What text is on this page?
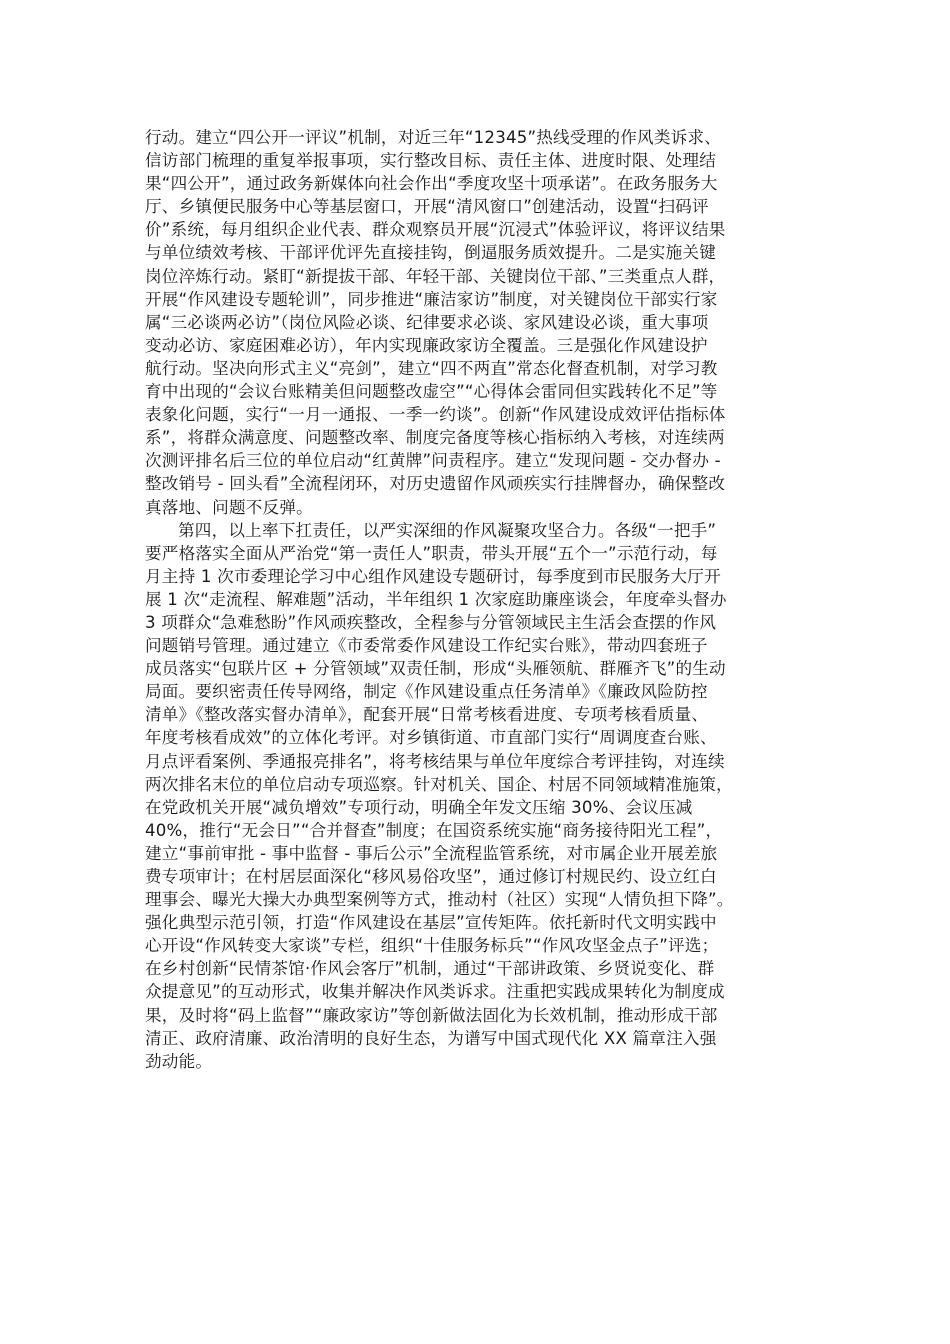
行动。建立“四公开一评议”机制，对近三年“12345”热线受理的作风类诉求、
信访部门梳理的重复举报事项，实行整改目标、责任主体、进度时限、处理结
果“四公开”，通过政务新媒体向社会作出“季度攻坚十项承诺”。在政务服务大
厅、乡镇便民服务中心等基层窗口，开展“清风窗口”创建活动，设置“扫码评
价”系统，每月组织企业代表、群众观察员开展“沉浸式”体验评议，将评议结果
与单位绩效考核、干部评优评先直接挂钩，倒逼服务质效提升。二是实施关键
岗位淬炼行动。紧盯“新提拔干部、年轻干部、关键岗位干部、”三类重点人群，
开展“作风建设专题轮训”，同步推进“廉洁家访”制度，对关键岗位干部实行家
属“三必谈两必访”（岗位风险必谈、纪律要求必谈、家风建设必谈，重大事项
变动必访、家庭困难必访），年内实现廉政家访全覆盖。三是强化作风建设护
航行动。坚决向形式主义“亮剑”，建立“四不两直”常态化督查机制，对学习教
育中出现的“会议台账精美但问题整改虚空”“心得体会雷同但实践转化不足”等
表象化问题，实行“一月一通报、一季一约谈”。创新“作风建设成效评估指标体
系”，将群众满意度、问题整改率、制度完备度等核心指标纳入考核，对连续两
次测评排名后三位的单位启动“红黄牌”问责程序。建立“发现问题 - 交办督办 -
整改销号 - 回头看”全流程闭环，对历史遗留作风顽疾实行挂牌督办，确保整改
真落地、问题不反弹。
第四，以上率下扛责任，以严实深细的作风凝聚攻坚合力。各级“一把手”
要严格落实全面从严治党“第一责任人”职责，带头开展“五个一”示范行动，每
月主持 1 次市委理论学习中心组作风建设专题研讨，每季度到市民服务大厅开
展 1 次“走流程、解难题”活动，半年组织 1 次家庭助廉座谈会，年度牵头督办
3 项群众“急难愁盼”作风顽疾整改，全程参与分管领域民主生活会查摆的作风
问题销号管理。通过建立《市委常委作风建设工作纪实台账》，带动四套班子
成员落实“包联片区 + 分管领域”双责任制，形成“头雁领航、群雁齐飞”的生动
局面。要织密责任传导网络，制定《作风建设重点任务清单》《廉政风险防控
清单》《整改落实督办清单》，配套开展“日常考核看进度、专项考核看质量、
年度考核看成效”的立体化考评。对乡镇街道、市直部门实行“周调度查台账、
月点评看案例、季通报亮排名”，将考核结果与单位年度综合考评挂钩，对连续
两次排名末位的单位启动专项巡察。针对机关、国企、村居不同领域精准施策，
在党政机关开展“减负增效”专项行动，明确全年发文压缩 30%、会议压减
40%，推行“无会日”“合并督查”制度；在国资系统实施“商务接待阳光工程”，
建立“事前审批 - 事中监督 - 事后公示”全流程监管系统，对市属企业开展差旅
费专项审计；在村居层面深化“移风易俗攻坚”，通过修订村规民约、设立红白
理事会、曝光大操大办典型案例等方式，推动村（社区）实现“人情负担下降”。
强化典型示范引领，打造“作风建设在基层”宣传矩阵。依托新时代文明实践中
心开设“作风转变大家谈”专栏，组织“十佳服务标兵”“作风攻坚金点子”评选；
在乡村创新“民情茶馆·作风会客厅”机制，通过“干部讲政策、乡贤说变化、群
众提意见”的互动形式，收集并解决作风类诉求。注重把实践成果转化为制度成
果，及时将“码上监督”“廉政家访”等创新做法固化为长效机制，推动形成干部
清正、政府清廉、政治清明的良好生态，为谱写中国式现代化 XX 篇章注入强
劲动能。
